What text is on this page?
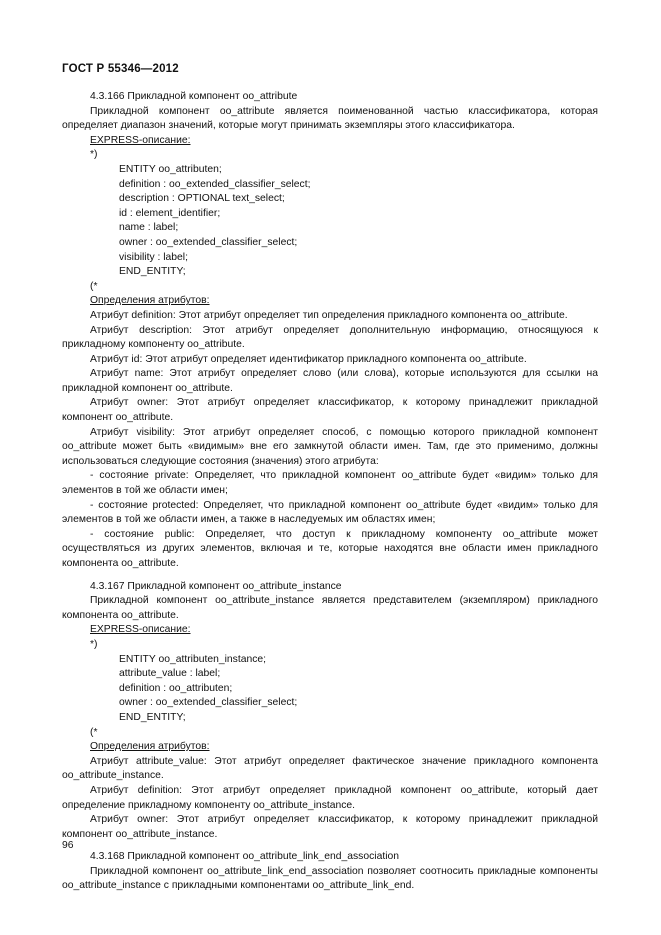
ГОСТ Р 55346—2012

4.3.166 Прикладной компонент oo_attribute

Прикладной компонент oo_attribute является поименованной частью классификатора, которая определяет диапазон значений, которые могут принимать экземпляры этого классификатора.

EXPRESS-описание:

*)

ENTITY oo_attributen;

definition : oo_extended_classifier_select;

description : OPTIONAL text_select;

id : element_identifier;

name : label;

owner : oo_extended_classifier_select;

visibility : label;

END_ENTITY;

(*

Определения атрибутов:

Атрибут definition: Этот атрибут определяет тип определения прикладного компонента oo_attribute.

Атрибут description: Этот атрибут определяет дополнительную информацию, относящуюся к прикладному компоненту oo_attribute.

Атрибут id: Этот атрибут определяет идентификатор прикладного компонента oo_attribute.

Атрибут name: Этот атрибут определяет слово (или слова), которые используются для ссылки на прикладной компонент oo_attribute.

Атрибут owner: Этот атрибут определяет классификатор, к которому принадлежит прикладной компонент oo_attribute.

Атрибут visibility: Этот атрибут определяет способ, с помощью которого прикладной компонент oo_attribute может быть «видимым» вне его замкнутой области имен. Там, где это применимо, должны использоваться следующие состояния (значения) этого атрибута:

- состояние private: Определяет, что прикладной компонент oo_attribute будет «видим» только для элементов в той же области имен;

- состояние protected: Определяет, что прикладной компонент oo_attribute будет «видим» только для элементов в той же области имен, а также в наследуемых им областях имен;

- состояние public: Определяет, что доступ к прикладному компоненту oo_attribute может осуществляться из других элементов, включая и те, которые находятся вне области имен прикладного компонента oo_attribute.

4.3.167 Прикладной компонент oo_attribute_instance

Прикладной компонент oo_attribute_instance является представителем (экземпляром) прикладного компонента oo_attribute.

EXPRESS-описание:

*)

ENTITY oo_attributen_instance;

attribute_value : label;

definition : oo_attributen;

owner : oo_extended_classifier_select;

END_ENTITY;

(*

Определения атрибутов:

Атрибут attribute_value: Этот атрибут определяет фактическое значение прикладного компонента oo_attribute_instance.

Атрибут definition: Этот атрибут определяет прикладной компонент oo_attribute, который дает определение прикладному компоненту oo_attribute_instance.

Атрибут owner: Этот атрибут определяет классификатор, к которому принадлежит прикладной компонент oo_attribute_instance.

4.3.168 Прикладной компонент oo_attribute_link_end_association

Прикладной компонент oo_attribute_link_end_association позволяет соотносить прикладные компоненты oo_attribute_instance с прикладными компонентами oo_attribute_link_end.

96
